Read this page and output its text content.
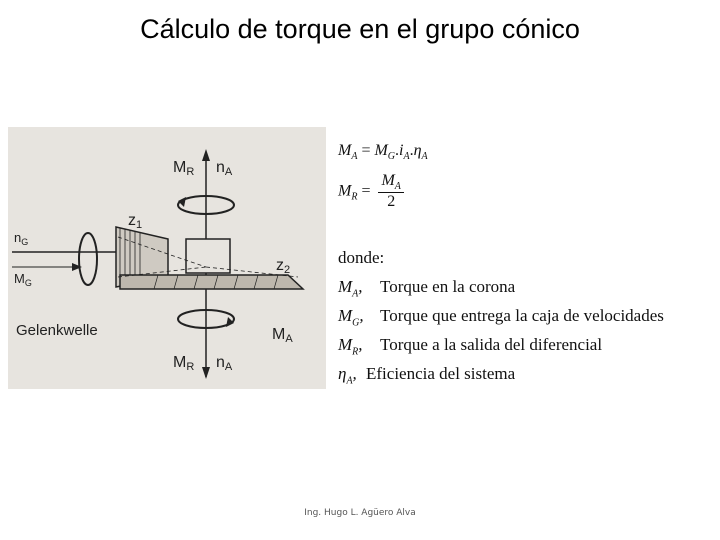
Cálculo de torque en el grupo cónico
MR nA
z1
z2
$n_G$
$M_G$
Gelenkwelle	MA
MR nA
$M_A = M_G.i_A.\eta_A$
$M_R = \frac{M_A}{2}$
donde:
$M_A$, Torque en la corona
$M_G$, Torque que entrega la caja de velocidades
$M_R$, Torque a la salida del diferencial
$\eta_A$, Eficiencia del sistema
Ing. Hugo L. Agüero Alva
